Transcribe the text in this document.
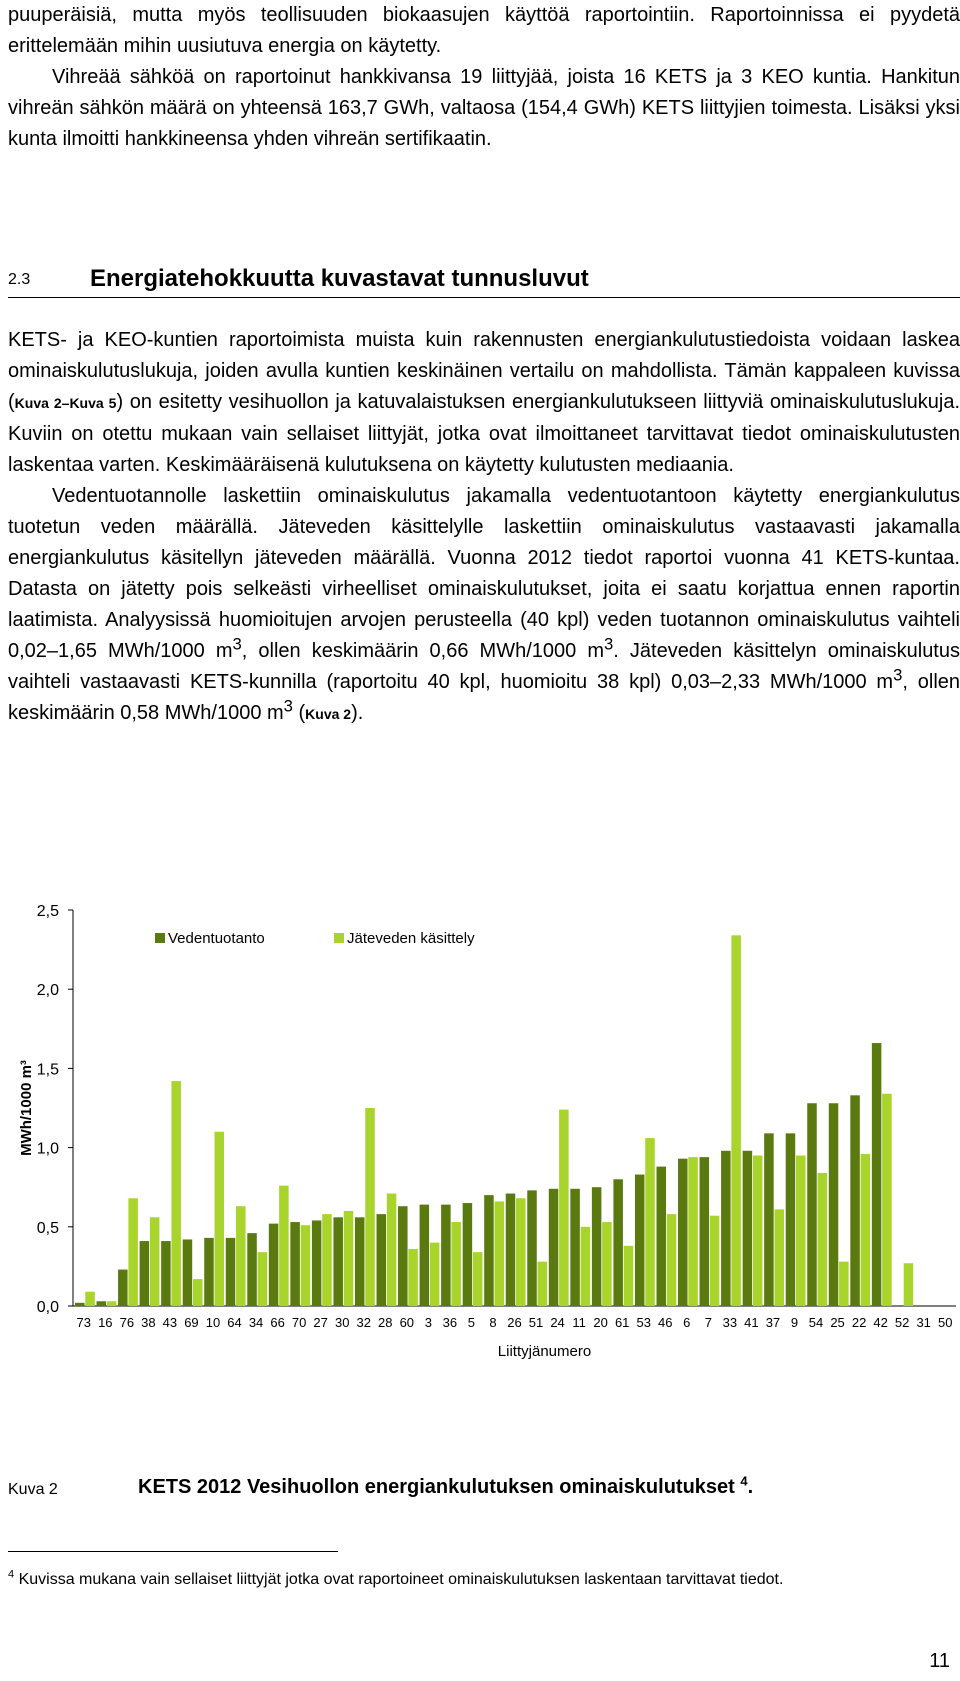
puuperäisiä, mutta myös teollisuuden biokaasujen käyttöä raportointiin. Raportoinnissa ei pyydetä erittelemään mihin uusiutuva energia on käytetty.

Vihreää sähköä on raportoinut hankkivansa 19 liittyjää, joista 16 KETS ja 3 KEO kuntia. Hankitun vihreän sähkön määrä on yhteensä 163,7 GWh, valtaosa (154,4 GWh) KETS liittyjien toimesta. Lisäksi yksi kunta ilmoitti hankkineensa yhden vihreän sertifikaatin.

2.3 Energiatehokkuutta kuvastavat tunnusluvut

KETS- ja KEO-kuntien raportoimista muista kuin rakennusten energiankulutustiedoista voidaan laskea ominaiskulutuslukuja, joiden avulla kuntien keskinäinen vertailu on mahdollista. Tämän kappaleen kuvissa (Kuva 2–Kuva 5) on esitetty vesihuollon ja katuvalaistuksen energiankulutukseen liittyviä ominaiskulutuslukuja. Kuviin on otettu mukaan vain sellaiset liittyjät, jotka ovat ilmoittaneet tarvittavat tiedot ominaiskulutusten laskentaa varten. Keskimääräisenä kulutuksena on käytetty kulutusten mediaania.

Vedentuotannolle laskettiin ominaiskulutus jakamalla vedentuotantoon käytetty energiankulutus tuotetun veden määrällä. Jäteveden käsittelylle laskettiin ominaiskulutus vastaavasti jakamalla energiankulutus käsitellyn jäteveden määrällä. Vuonna 2012 tiedot raportoi vuonna 41 KETS-kuntaa. Datasta on jätetty pois selkeästi virheelliset ominaiskulutukset, joita ei saatu korjattua ennen raportin laatimista. Analyysissä huomioitujen arvojen perusteella (40 kpl) veden tuotannon ominaiskulutus vaihteli 0,02–1,65 MWh/1000 $m^3$, ollen keskimäärin 0,66 MWh/1000 $m^3$. Jäteveden käsittelyn ominaiskulutus vaihteli vastaavasti KETS-kunnilla (raportoitu 40 kpl, huomioitu 38 kpl) 0,03–2,33 MWh/1000 $m^3$, ollen keskimäärin 0,58 MWh/1000 $m^3$ (Kuva 2).

0,0
0,5
1,0
1,5
2,0
2,5
MWh/1000 m³
73 16 76 38 43 69 10 64 34 66 70 27 30 32 28 60 3 36 5 8 26 51 24 11 20 61 53 46 6 7 33 41 37 9 54 25 22 42 52 31 50
Liittyjänumero
Vedentuotanto	Jäteveden käsittely
Kuva 2	KETS 2012 Vesihuollon energiankulutuksen ominaiskulutukset $^4$.
$^4$ Kuvissa mukana vain sellaiset liittyjät jotka ovat raportoineet ominaiskulutuksen laskentaan tarvittavat tiedot.
11
